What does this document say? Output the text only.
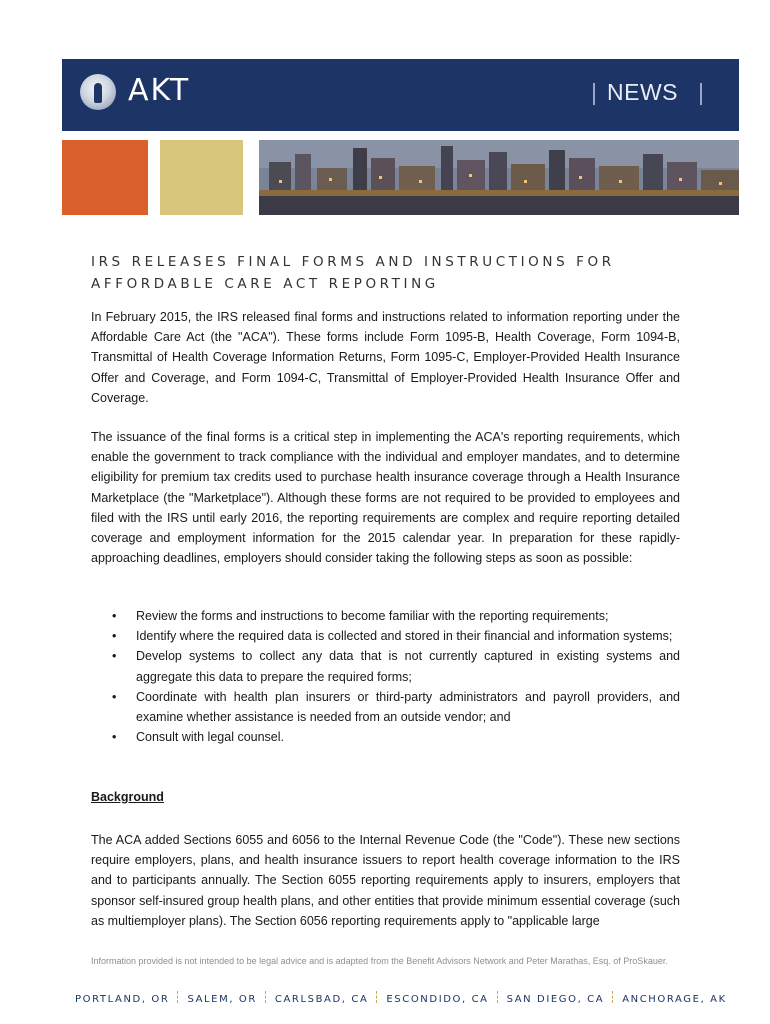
AKT	NEWS
IRS RELEASES FINAL FORMS AND INSTRUCTIONS FOR
AFFORDABLE CARE ACT REPORTING

In February 2015, the IRS released final forms and instructions related to information reporting under the Affordable Care Act (the "ACA"). These forms include Form 1095-B, Health Coverage, Form 1094-B, Transmittal of Health Coverage Information Returns, Form 1095-C, Employer-Provided Health Insurance Offer and Coverage, and Form 1094-C, Transmittal of Employer-Provided Health Insurance Offer and Coverage.

The issuance of the final forms is a critical step in implementing the ACA's reporting requirements, which enable the government to track compliance with the individual and employer mandates, and to determine eligibility for premium tax credits used to purchase health insurance coverage through a Health Insurance Marketplace (the "Marketplace"). Although these forms are not required to be provided to employees and filed with the IRS until early 2016, the reporting requirements are complex and require reporting detailed coverage and employment information for the 2015 calendar year. In preparation for these rapidly-approaching deadlines, employers should consider taking the following steps as soon as possible:

• Review the forms and instructions to become familiar with the reporting requirements;
• Identify where the required data is collected and stored in their financial and information systems;
• Develop systems to collect any data that is not currently captured in existing systems and aggregate this data to prepare the required forms;
• Coordinate with health plan insurers or third-party administrators and payroll providers, and examine whether assistance is needed from an outside vendor; and
• Consult with legal counsel.
Background

The ACA added Sections 6055 and 6056 to the Internal Revenue Code (the "Code"). These new sections require employers, plans, and health insurance issuers to report health coverage information to the IRS and to participants annually. The Section 6055 reporting requirements apply to insurers, employers that sponsor self-insured group health plans, and other entities that provide minimum essential coverage (such as multiemployer plans). The Section 6056 reporting requirements apply to "applicable large

Information provided is not intended to be legal advice and is adapted from the Benefit Advisors Network and Peter Marathas, Esq. of ProSkauer.
PORTLAND, OR SALEM, OR CARLSBAD, CA ESCONDIDO, CA SAN DIEGO, CA ANCHORAGE, AK
